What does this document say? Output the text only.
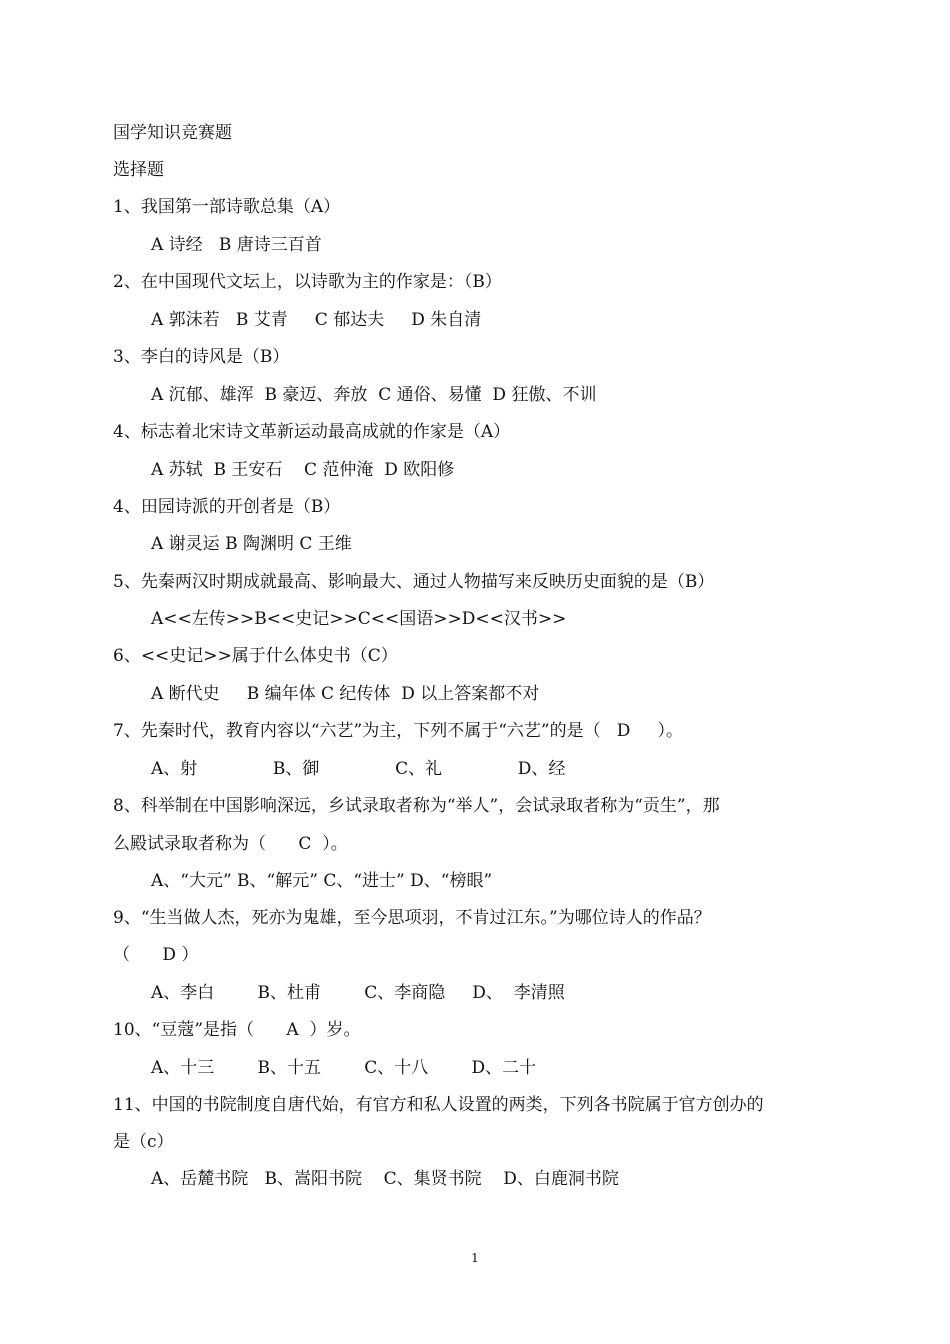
国学知识竞赛题
选择题
1、我国第一部诗歌总集（A）
A 诗经   B 唐诗三百首
2、在中国现代文坛上，以诗歌为主的作家是：（B）
A 郭沫若   B 艾青     C 郁达夫     D 朱自清
3、李白的诗风是（B）
A 沉郁、雄浑  B 豪迈、奔放  C 通俗、易懂  D 狂傲、不训
4、标志着北宋诗文革新运动最高成就的作家是（A）
A 苏轼  B 王安石    C 范仲淹  D 欧阳修
4、田园诗派的开创者是（B）
A 谢灵运 B 陶渊明 C 王维
5、先秦两汉时期成就最高、影响最大、通过人物描写来反映历史面貌的是（B）
A<<左传>>B<<史记>>C<<国语>>D<<汉书>>
6、<<史记>>属于什么体史书（C）
A 断代史     B 编年体 C 纪传体  D 以上答案都不对
7、先秦时代，教育内容以“六艺”为主，下列不属于“六艺”的是（   D     ）。
A、射              B、御              C、礼              D、经
8、科举制在中国影响深远，乡试录取者称为“举人”，会试录取者称为“贡生”，那
么殿试录取者称为（      C  ）。
A、“大元” B、“解元” C、“进士” D、“榜眼”
9、“生当做人杰，死亦为鬼雄，至今思项羽，不肯过江东。”为哪位诗人的作品？
（      D ）
A、李白        B、杜甫        C、李商隐     D、  李清照
10、“豆蔻”是指（      A  ）岁。
A、十三        B、十五        C、十八        D、二十
11、中国的书院制度自唐代始，有官方和私人设置的两类，下列各书院属于官方创办的
是（c）
A、岳麓书院   B、嵩阳书院    C、集贤书院    D、白鹿洞书院
1
